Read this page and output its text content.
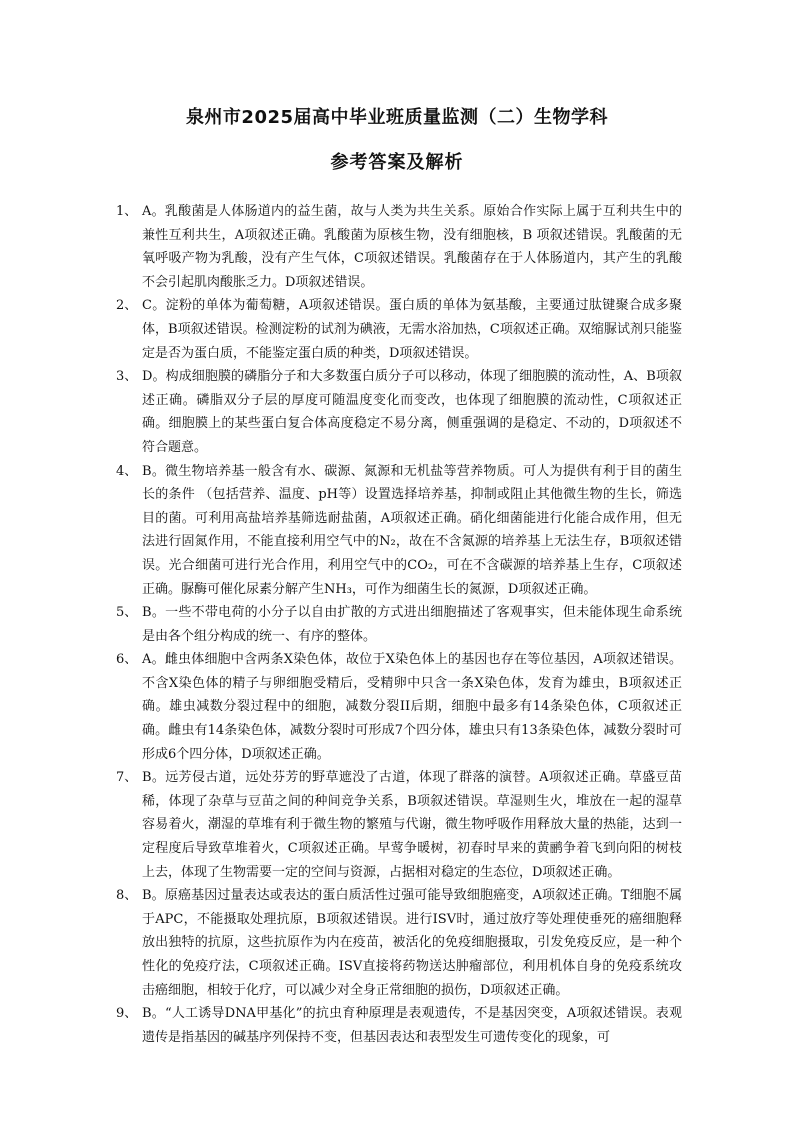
泉州市2025届高中毕业班质量监测（二）生物学科
参考答案及解析
1、 A。乳酸菌是人体肠道内的益生菌，故与人类为共生关系。原始合作实际上属于互利共生中的兼性互利共生，A项叙述正确。乳酸菌为原核生物，没有细胞核，B 项叙述错误。乳酸菌的无氧呼吸产物为乳酸，没有产生气体，C项叙述错误。乳酸菌存在于人体肠道内，其产生的乳酸不会引起肌肉酸胀乏力。D项叙述错误。
2、 C。淀粉的单体为葡萄糖，A项叙述错误。蛋白质的单体为氨基酸，主要通过肽键聚合成多聚体，B项叙述错误。检测淀粉的试剂为碘液，无需水浴加热，C项叙述正确。双缩脲试剂只能鉴定是否为蛋白质，不能鉴定蛋白质的种类，D项叙述错误。
3、 D。构成细胞膜的磷脂分子和大多数蛋白质分子可以移动，体现了细胞膜的流动性，A、B项叙述正确。磷脂双分子层的厚度可随温度变化而变改，也体现了细胞膜的流动性，C项叙述正确。细胞膜上的某些蛋白复合体高度稳定不易分离，侧重强调的是稳定、不动的，D项叙述不符合题意。
4、 B。微生物培养基一般含有水、碳源、氮源和无机盐等营养物质。可人为提供有利于目的菌生长的条件 （包括营养、温度、pH等）设置选择培养基，抑制或阻止其他微生物的生长，筛选目的菌。可利用高盐培养基筛选耐盐菌，A项叙述正确。硝化细菌能进行化能合成作用，但无法进行固氮作用，不能直接利用空气中的N₂，故在不含氮源的培养基上无法生存，B项叙述错误。光合细菌可进行光合作用，利用空气中的CO₂，可在不含碳源的培养基上生存，C项叙述正确。脲酶可催化尿素分解产生NH₃，可作为细菌生长的氮源，D项叙述正确。
5、 B。一些不带电荷的小分子以自由扩散的方式进出细胞描述了客观事实，但未能体现生命系统是由各个组分构成的统一、有序的整体。
6、 A。雌虫体细胞中含两条X染色体，故位于X染色体上的基因也存在等位基因，A项叙述错误。不含X染色体的精子与卵细胞受精后，受精卵中只含一条X染色体，发育为雄虫，B项叙述正确。雄虫减数分裂过程中的细胞，减数分裂II后期，细胞中最多有14条染色体，C项叙述正确。雌虫有14条染色体，减数分裂时可形成7个四分体，雄虫只有13条染色体，减数分裂时可形成6个四分体，D项叙述正确。
7、 B。远芳侵古道，远处芬芳的野草遮没了古道，体现了群落的演替。A项叙述正确。草盛豆苗稀，体现了杂草与豆苗之间的种间竞争关系，B项叙述错误。草湿则生火，堆放在一起的湿草容易着火，潮湿的草堆有利于微生物的繁殖与代谢，微生物呼吸作用释放大量的热能，达到一定程度后导致草堆着火，C项叙述正确。早莺争暖树，初春时早来的黄鹂争着飞到向阳的树枝上去，体现了生物需要一定的空间与资源，占据相对稳定的生态位，D项叙述正确。
8、 B。原癌基因过量表达或表达的蛋白质活性过强可能导致细胞癌变，A项叙述正确。T细胞不属于APC，不能摄取处理抗原，B项叙述错误。进行ISV时，通过放疗等处理使垂死的癌细胞释放出独特的抗原，这些抗原作为内在疫苗，被活化的免疫细胞摄取，引发免疫反应，是一种个性化的免疫疗法，C项叙述正确。ISV直接将药物送达肿瘤部位，利用机体自身的免疫系统攻击癌细胞，相较于化疗，可以减少对全身正常细胞的损伤，D项叙述正确。
9、 B。“人工诱导DNA甲基化”的抗虫育种原理是表观遗传，不是基因突变，A项叙述错误。表观遗传是指基因的碱基序列保持不变，但基因表达和表型发生可遗传变化的现象，可
